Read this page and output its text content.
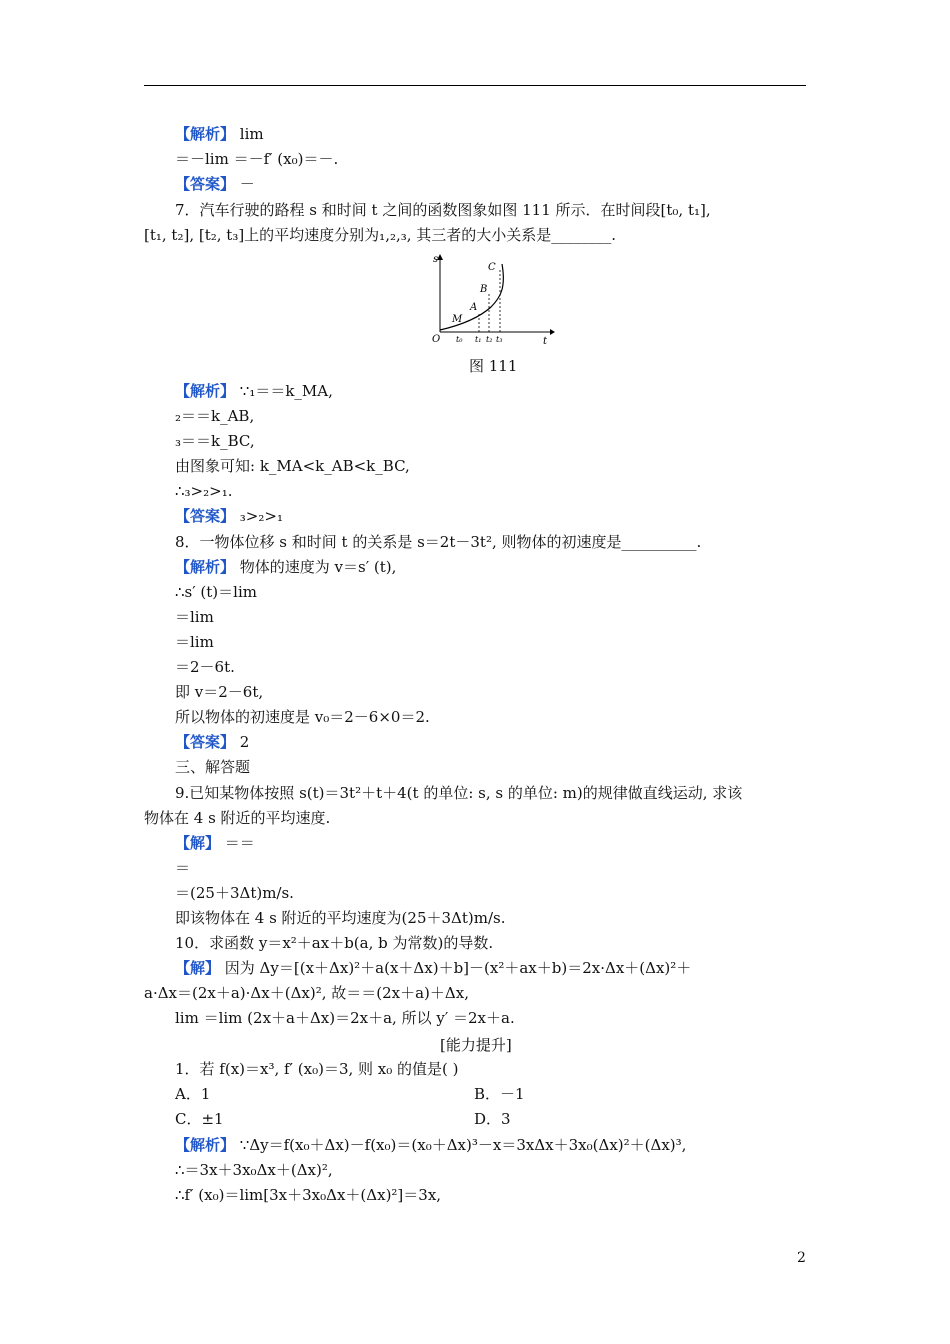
【解析】 lim
＝－lim ＝－f′ (x₀)＝－.
【答案】 －
7．汽车行驶的路程 s 和时间 t 之间的函数图象如图 111 所示．在时间段[t₀, t₁],
[t₁, t₂], [t₂, t₃]上的平均速度分别为₁,₂,₃, 其三者的大小关系是________.
s
t
O
M
A
B
C
t₀ t₁ t₂ t₃
图 111
【解析】 ∵₁＝＝k_MA,
₂＝＝k_AB,
₃＝＝k_BC,
由图象可知: k_MA<k_AB<k_BC,
∴₃>₂>₁.
【答案】 ₃>₂>₁
8．一物体位移 s 和时间 t 的关系是 s＝2t－3t², 则物体的初速度是__________.
【解析】 物体的速度为 v＝s′ (t),
∴s′ (t)＝lim
＝lim
＝lim
＝2－6t.
即 v＝2－6t,
所以物体的初速度是 v₀＝2－6×0＝2.
【答案】 2
三、解答题
9.已知某物体按照 s(t)＝3t²＋t＋4(t 的单位: s, s 的单位: m)的规律做直线运动, 求该
物体在 4 s 附近的平均速度.
【解】 ＝＝
＝
＝(25＋3Δt)m/s.
即该物体在 4 s 附近的平均速度为(25＋3Δt)m/s.
10．求函数 y＝x²＋ax＋b(a, b 为常数)的导数.
【解】 因为 Δy＝[(x＋Δx)²＋a(x＋Δx)＋b]－(x²＋ax＋b)＝2x·Δx＋(Δx)²＋
a·Δx＝(2x＋a)·Δx＋(Δx)², 故＝＝(2x＋a)＋Δx,
lim ＝lim (2x＋a＋Δx)＝2x＋a, 所以 y′ ＝2x＋a.
[能力提升]
1．若 f(x)＝x³, f′ (x₀)＝3, 则 x₀ 的值是( )
A．1	B．－1
C．±1	D．3
【解析】 ∵Δy＝f(x₀＋Δx)－f(x₀)＝(x₀＋Δx)³－x＝3xΔx＋3x₀(Δx)²＋(Δx)³,
∴＝3x＋3x₀Δx＋(Δx)²,
∴f′ (x₀)＝lim[3x＋3x₀Δx＋(Δx)²]＝3x,
2
